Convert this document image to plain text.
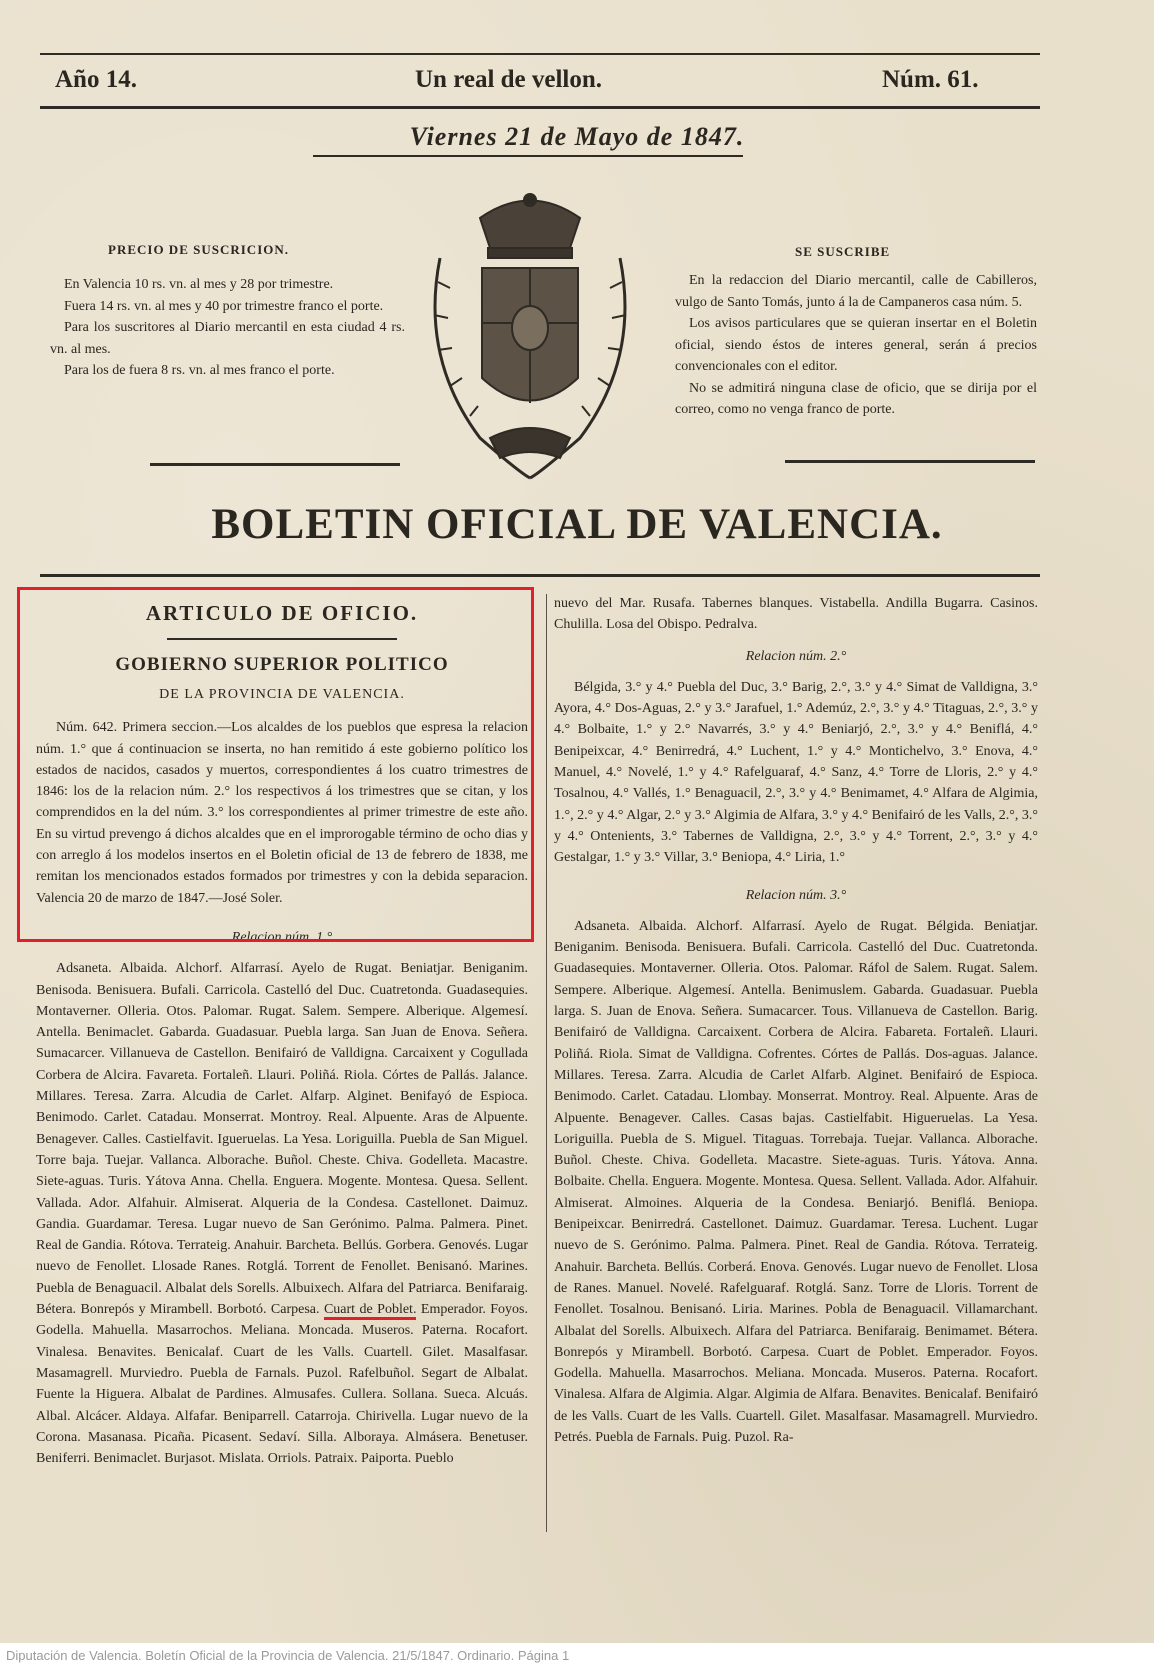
Año 14.	Un real de vellon.	Núm. 61.
Viernes 21 de Mayo de 1847.
PRECIO DE SUSCRICION.

En Valencia 10 rs. vn. al mes y 28 por trimestre.

Fuera 14 rs. vn. al mes y 40 por trimestre franco el porte.

Para los suscritores al Diario mercantil en esta ciudad 4 rs. vn. al mes.

Para los de fuera 8 rs. vn. al mes franco el porte.

SE SUSCRIBE

En la redaccion del Diario mercantil, calle de Cabilleros, vulgo de Santo Tomás, junto á la de Campaneros casa núm. 5.

Los avisos particulares que se quieran insertar en el Boletin oficial, siendo éstos de interes general, serán á precios convencionales con el editor.

No se admitirá ninguna clase de oficio, que se dirija por el correo, como no venga franco de porte.

BOLETIN OFICIAL DE VALENCIA.

ARTICULO DE OFICIO.

GOBIERNO SUPERIOR POLITICO

DE LA PROVINCIA DE VALENCIA.

Núm. 642. Primera seccion.—Los alcaldes de los pueblos que espresa la relacion núm. 1.° que á continuacion se inserta, no han remitido á este gobierno político los estados de nacidos, casados y muertos, correspondientes á los cuatro trimestres de 1846: los de la relacion núm. 2.° los respectivos á los trimestres que se citan, y los comprendidos en la del núm. 3.° los correspondientes al primer trimestre de este año. En su virtud prevengo á dichos alcaldes que en el improrogable término de ocho dias y con arreglo á los modelos insertos en el Boletin oficial de 13 de febrero de 1838, me remitan los mencionados estados formados por trimestres y con la debida separacion. Valencia 20 de marzo de 1847.—José Soler.

Relacion núm. 1.°

Adsaneta. Albaida. Alchorf. Alfarrasí. Ayelo de Rugat. Beniatjar. Beniganim. Benisoda. Benisuera. Bufali. Carricola. Castelló del Duc. Cuatretonda. Guadasequies. Montaverner. Olleria. Otos. Palomar. Rugat. Salem. Sempere. Alberique. Algemesí. Antella. Benimaclet. Gabarda. Guadasuar. Puebla larga. San Juan de Enova. Señera. Sumacarcer. Villanueva de Castellon. Benifairó de Valldigna. Carcaixent y Cogullada Corbera de Alcira. Favareta. Fortaleñ. Llauri. Poliñá. Riola. Córtes de Pallás. Jalance. Millares. Teresa. Zarra. Alcudia de Carlet. Alfarp. Alginet. Benifayó de Espioca. Benimodo. Carlet. Catadau. Monserrat. Montroy. Real. Alpuente. Aras de Alpuente. Benagever. Calles. Castielfavit. Igueruelas. La Yesa. Loriguilla. Puebla de San Miguel. Torre baja. Tuejar. Vallanca. Alborache. Buñol. Cheste. Chiva. Godelleta. Macastre. Siete-aguas. Turis. Yátova Anna. Chella. Enguera. Mogente. Montesa. Quesa. Sellent. Vallada. Ador. Alfahuir. Almiserat. Alqueria de la Condesa. Castellonet. Daimuz. Gandia. Guardamar. Teresa. Lugar nuevo de San Gerónimo. Palma. Palmera. Pinet. Real de Gandia. Rótova. Terrateig. Anahuir. Barcheta. Bellús. Gorbera. Genovés. Lugar nuevo de Fenollet. Llosade Ranes. Rotglá. Torrent de Fenollet. Benisanó. Marines. Puebla de Benaguacil. Albalat dels Sorells. Albuixech. Alfara del Patriarca. Benifaraig. Bétera. Bonrepós y Mirambell. Borbotó. Carpesa. Cuart de Poblet. Emperador. Foyos. Godella. Mahuella. Masarrochos. Meliana. Moncada. Museros. Paterna. Rocafort. Vinalesa. Benavites. Benicalaf. Cuart de les Valls. Cuartell. Gilet. Masalfasar. Masamagrell. Murviedro. Puebla de Farnals. Puzol. Rafelbuñol. Segart de Albalat. Fuente la Higuera. Albalat de Pardines. Almusafes. Cullera. Sollana. Sueca. Alcuás. Albal. Alcácer. Aldaya. Alfafar. Beniparrell. Catarroja. Chirivella. Lugar nuevo de la Corona. Masanasa. Picaña. Picasent. Sedaví. Silla. Alboraya. Almásera. Benetuser. Beniferri. Benimaclet. Burjasot. Mislata. Orriols. Patraix. Paiporta. Pueblo

nuevo del Mar. Rusafa. Tabernes blanques. Vistabella. Andilla Bugarra. Casinos. Chulilla. Losa del Obispo. Pedralva.

Relacion núm. 2.°

Bélgida, 3.° y 4.° Puebla del Duc, 3.° Barig, 2.°, 3.° y 4.° Simat de Valldigna, 3.° Ayora, 4.° Dos-Aguas, 2.° y 3.° Jarafuel, 1.° Ademúz, 2.°, 3.° y 4.° Titaguas, 2.°, 3.° y 4.° Bolbaite, 1.° y 2.° Navarrés, 3.° y 4.° Beniarjó, 2.°, 3.° y 4.° Beniflá, 4.° Benipeixcar, 4.° Benirredrá, 4.° Luchent, 1.° y 4.° Montichelvo, 3.° Enova, 4.° Manuel, 4.° Novelé, 1.° y 4.° Rafelguaraf, 4.° Sanz, 4.° Torre de Lloris, 2.° y 4.° Tosalnou, 4.° Vallés, 1.° Benaguacil, 2.°, 3.° y 4.° Benimamet, 4.° Alfara de Algimia, 1.°, 2.° y 4.° Algar, 2.° y 3.° Algimia de Alfara, 3.° y 4.° Benifairó de les Valls, 2.°, 3.° y 4.° Ontenients, 3.° Tabernes de Valldigna, 2.°, 3.° y 4.° Torrent, 2.°, 3.° y 4.° Gestalgar, 1.° y 3.° Villar, 3.° Beniopa, 4.° Liria, 1.°

Relacion núm. 3.°

Adsaneta. Albaida. Alchorf. Alfarrasí. Ayelo de Rugat. Bélgida. Beniatjar. Beniganim. Benisoda. Benisuera. Bufali. Carricola. Castelló del Duc. Cuatretonda. Guadasequies. Montaverner. Olleria. Otos. Palomar. Ráfol de Salem. Rugat. Salem. Sempere. Alberique. Algemesí. Antella. Benimuslem. Gabarda. Guadasuar. Puebla larga. S. Juan de Enova. Señera. Sumacarcer. Tous. Villanueva de Castellon. Barig. Benifairó de Valldigna. Carcaixent. Corbera de Alcira. Fabareta. Fortaleñ. Llauri. Poliñá. Riola. Simat de Valldigna. Cofrentes. Córtes de Pallás. Dos-aguas. Jalance. Millares. Teresa. Zarra. Alcudia de Carlet Alfarb. Alginet. Benifairó de Espioca. Benimodo. Carlet. Catadau. Llombay. Monserrat. Montroy. Real. Alpuente. Aras de Alpuente. Benagever. Calles. Casas bajas. Castielfabit. Higueruelas. La Yesa. Loriguilla. Puebla de S. Miguel. Titaguas. Torrebaja. Tuejar. Vallanca. Alborache. Buñol. Cheste. Chiva. Godelleta. Macastre. Siete-aguas. Turis. Yátova. Anna. Bolbaite. Chella. Enguera. Mogente. Montesa. Quesa. Sellent. Vallada. Ador. Alfahuir. Almiserat. Almoines. Alqueria de la Condesa. Beniarjó. Beniflá. Beniopa. Benipeixcar. Benirredrá. Castellonet. Daimuz. Guardamar. Teresa. Luchent. Lugar nuevo de S. Gerónimo. Palma. Palmera. Pinet. Real de Gandia. Rótova. Terrateig. Anahuir. Barcheta. Bellús. Corberá. Enova. Genovés. Lugar nuevo de Fenollet. Llosa de Ranes. Manuel. Novelé. Rafelguaraf. Rotglá. Sanz. Torre de Lloris. Torrent de Fenollet. Tosalnou. Benisanó. Liria. Marines. Pobla de Benaguacil. Villamarchant. Albalat del Sorells. Albuixech. Alfara del Patriarca. Benifaraig. Benimamet. Bétera. Bonrepós y Mirambell. Borbotó. Carpesa. Cuart de Poblet. Emperador. Foyos. Godella. Mahuella. Masarrochos. Meliana. Moncada. Museros. Paterna. Rocafort. Vinalesa. Alfara de Algimia. Algar. Algimia de Alfara. Benavites. Benicalaf. Benifairó de les Valls. Cuart de les Valls. Cuartell. Gilet. Masalfasar. Masamagrell. Murviedro. Petrés. Puebla de Farnals. Puig. Puzol. Ra-

Diputación de Valencia. Boletín Oficial de la Provincia de Valencia. 21/5/1847. Ordinario. Página 1
